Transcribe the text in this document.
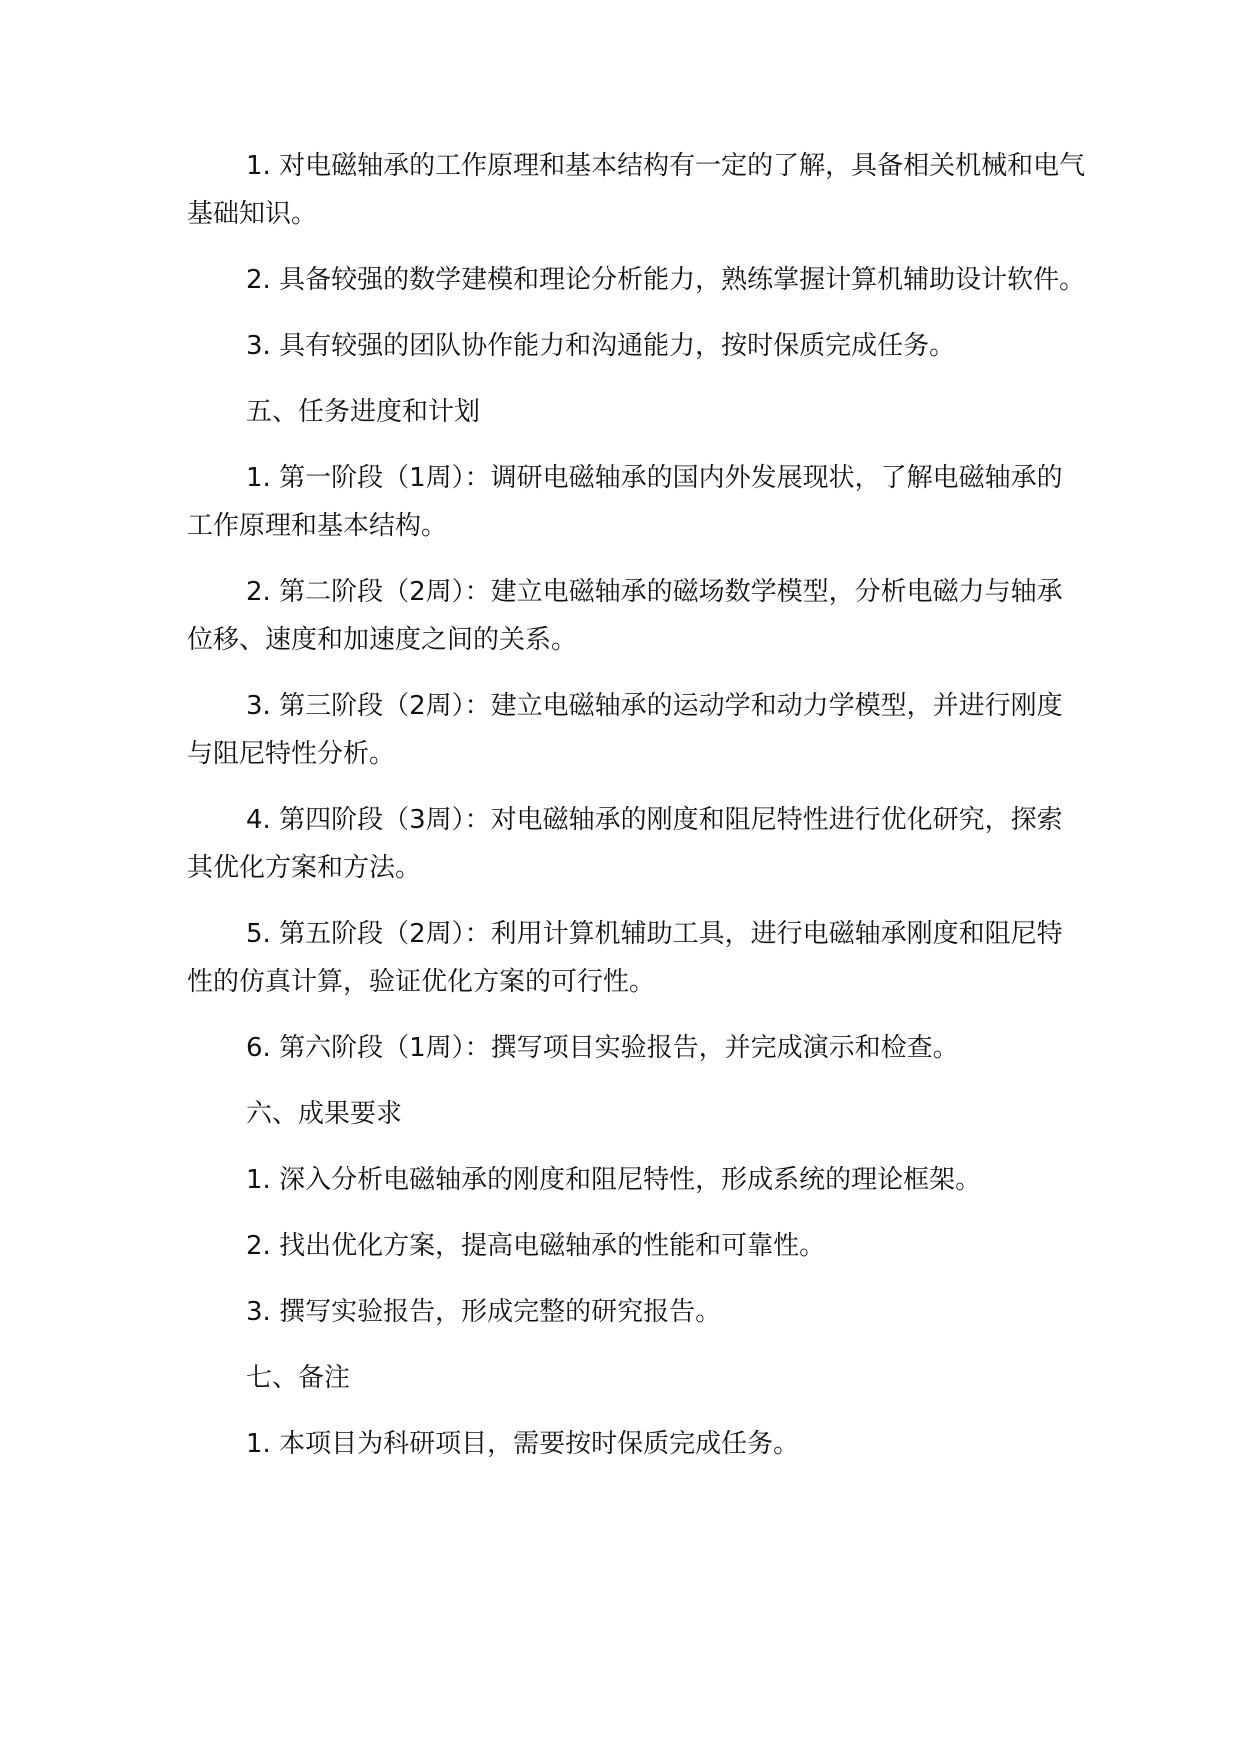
1. 对电磁轴承的工作原理和基本结构有一定的了解，具备相关机械和电气基础知识。

2. 具备较强的数学建模和理论分析能力，熟练掌握计算机辅助设计软件。

3. 具有较强的团队协作能力和沟通能力，按时保质完成任务。

五、任务进度和计划

1. 第一阶段（1周）：调研电磁轴承的国内外发展现状，了解电磁轴承的工作原理和基本结构。

2. 第二阶段（2周）：建立电磁轴承的磁场数学模型，分析电磁力与轴承位移、速度和加速度之间的关系。

3. 第三阶段（2周）：建立电磁轴承的运动学和动力学模型，并进行刚度与阻尼特性分析。

4. 第四阶段（3周）：对电磁轴承的刚度和阻尼特性进行优化研究，探索其优化方案和方法。

5. 第五阶段（2周）：利用计算机辅助工具，进行电磁轴承刚度和阻尼特性的仿真计算，验证优化方案的可行性。

6. 第六阶段（1周）：撰写项目实验报告，并完成演示和检查。

六、成果要求

1. 深入分析电磁轴承的刚度和阻尼特性，形成系统的理论框架。

2. 找出优化方案，提高电磁轴承的性能和可靠性。

3. 撰写实验报告，形成完整的研究报告。

七、备注

1. 本项目为科研项目，需要按时保质完成任务。
